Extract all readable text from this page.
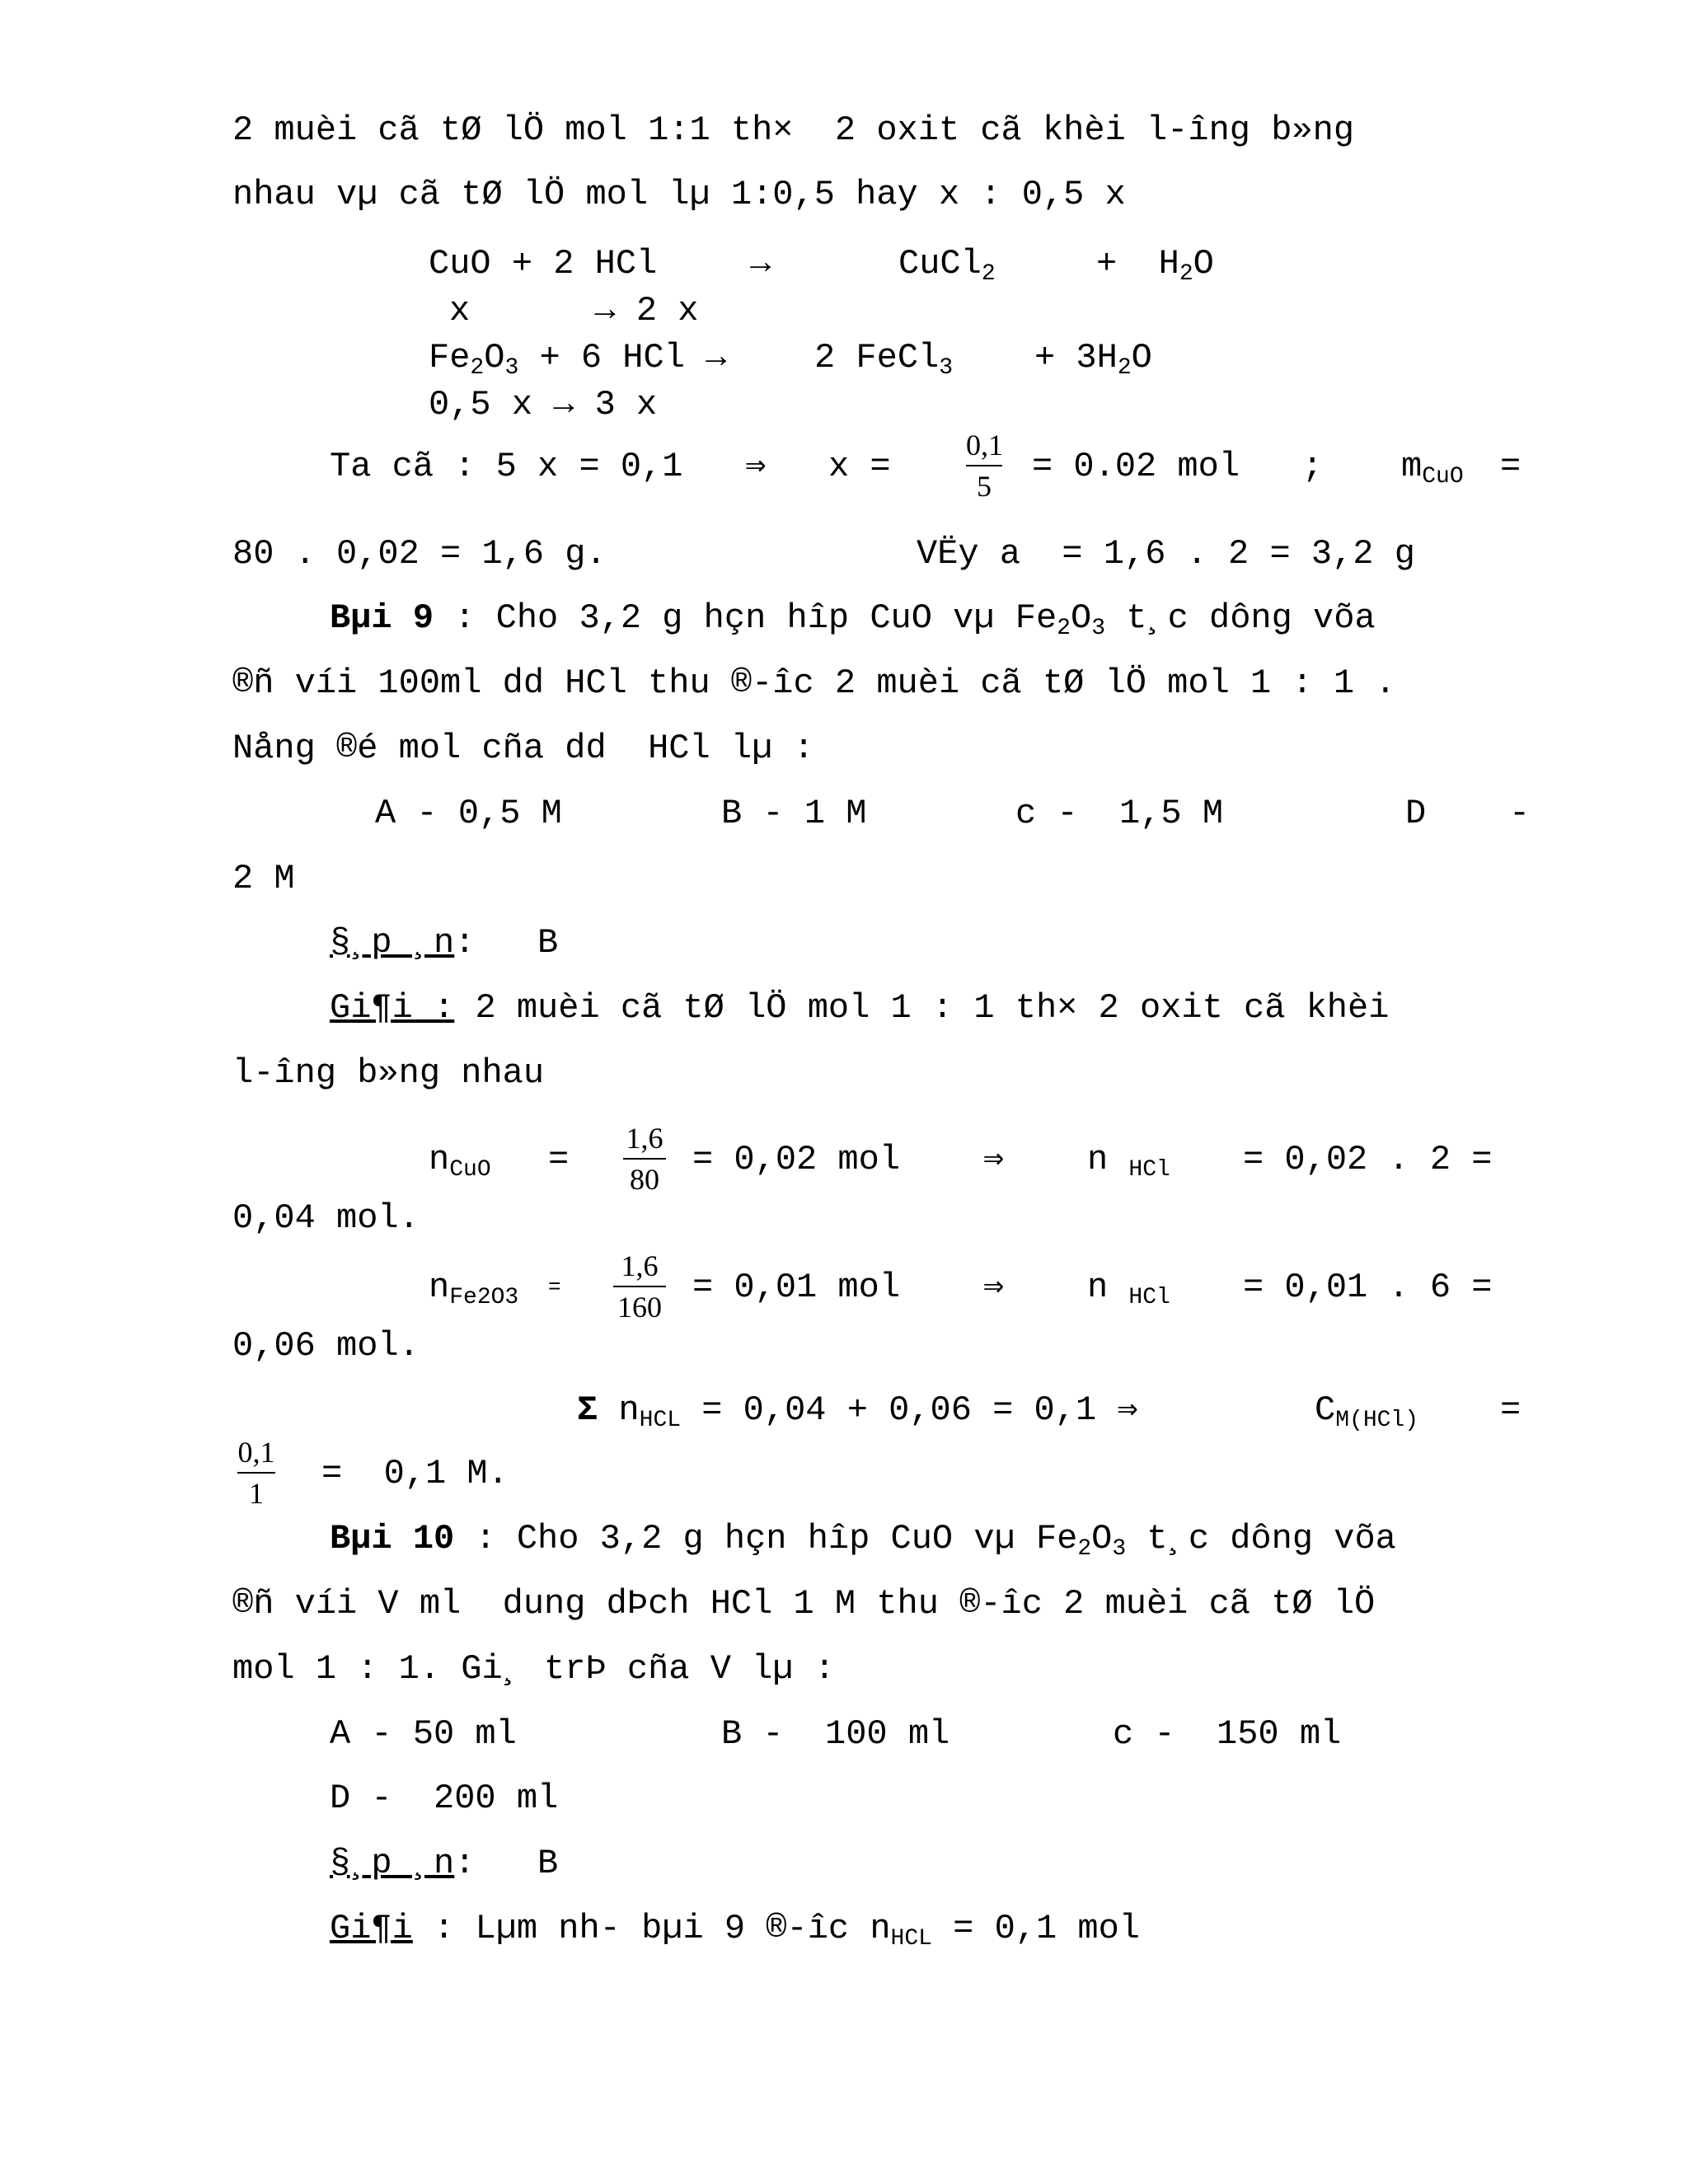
2 muèi cã tØ lÖ mol 1:1 th×  2 oxit cã khèi l-îng b»ng
nhau vµ cã tØ lÖ mol lµ 1:0,5 hay x : 0,5 x
CuO + 2 HCl	→	CuCl$_2$	+  $H_2O$
x      → 2 x
$Fe_2O_3 + 6$ HCl → 2 FeCl$_3$ + $3H_2O$
0,5 x → 3 x
Ta cã : 5 x = 0,1   ⇒   x =
0,1
5	= 0.02 mol   ; $m_{CuO}$ =
80 . 0,02 = 1,6 g.	VËy a  = 1,6 . 2 = 3,2 g
Bµi 9 : Cho 3,2 g hçn hîp CuO vµ $Fe_2O_3$ t¸c dông võa
®ñ víi 100ml dd HCl thu ®-îc 2 muèi cã tØ lÖ mol 1 : 1 .
Nång ®é mol cña dd  HCl lµ :
A - 0,5 M	B - 1 M	c -  1,5 M	D    -
2 M
§¸p ¸n:   B
Gi¶i : 2 muèi cã tØ lÖ mol 1 : 1 th× 2 oxit cã khèi
l-îng b»ng nhau
$n_{CuO}$ =
1,6
80 = 0,02 mol    ⇒    n $_{HCl}$ = 0,02 . 2 =
0,04 mol.
$n_{Fe2O3}$ =
1,6
160 = 0,01 mol    ⇒    n $_{HCl}$ = 0,01 . 6 =
0,06 mol.
Σ $n_{HCL} = 0,04 + 0,06 = 0,1$ ⇒	$C_{M(HCl)}$ =
0,1
1	=  0,1 M.
Bµi 10 : Cho 3,2 g hçn hîp CuO vµ $Fe_2O_3$ t¸c dông võa
®ñ víi V ml  dung dÞch HCl 1 M thu ®-îc 2 muèi cã tØ lÖ
mol 1 : 1. Gi¸ trÞ cña V lµ :
A - 50 ml	B -  100 ml	c -  150 ml
D -  200 ml
§¸p ¸n:   B
Gi¶i : Lµm nh- bµi 9 ®-îc $n_{HCL} = 0,1$ mol
